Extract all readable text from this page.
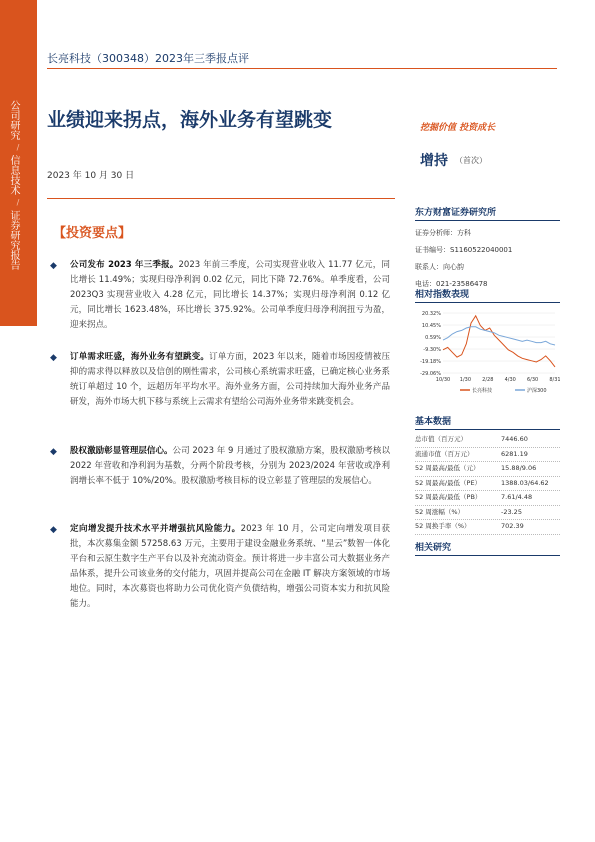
公司研究
/
信息技术
/
证券研究报告
长亮科技（300348）2023年三季报点评
业绩迎来拐点，海外业务有望跳变	挖掘价值 投资成长
2023 年 10 月 30 日
增持 （首次）
【投资要点】
◆ 公司发布 2023 年三季报。2023 年前三季度，公司实现营业收入 11.77 亿元，同比增长 11.49%；实现归母净利润 0.02 亿元，同比下降 72.76%。单季度看，公司 2023Q3 实现营业收入 4.28 亿元，同比增长 14.37%；实现归母净利润 0.12 亿元，同比增长 1623.48%，环比增长 375.92%。公司单季度归母净利润扭亏为盈，迎来拐点。
◆ 订单需求旺盛，海外业务有望跳变。订单方面，2023 年以来，随着市场因疫情被压抑的需求得以释放以及信创的刚性需求，公司核心系统需求旺盛，已确定核心业务系统订单超过 10 个，远超历年平均水平。海外业务方面，公司持续加大海外业务产品研发，海外市场大机下移与系统上云需求有望给公司海外业务带来跳变机会。
◆ 股权激励彰显管理层信心。公司 2023 年 9 月通过了股权激励方案，股权激励考核以 2022 年营收和净利润为基数，分两个阶段考核，分别为 2023/2024 年营收或净利润增长率不低于 10%/20%。股权激励考核目标的设立彰显了管理层的发展信心。
◆ 定向增发提升技术水平并增强抗风险能力。2023 年 10 月，公司定向增发项目获批，本次募集金额 57258.63 万元，主要用于建设金融业务系统、“星云”数智一体化平台和云原生数字生产平台以及补充流动资金。预计将进一步丰富公司大数据业务产品体系，提升公司该业务的交付能力，巩固并提高公司在金融 IT 解决方案领域的市场地位。同时，本次募资也将助力公司优化资产负债结构，增强公司资本实力和抗风险能力。
东方财富证券研究所
证券分析师：方科
证书编号：S1160522040001
联系人：向心韵
电话：021-23586478
相对指数表现
20.32%
10.45%
0.59%
-9.30%
-19.18%
-29.06%
10/30 1/30 2/28 4/30 6/30 8/31
长亮科技	沪深300
基本数据
总市值（百万元）	7446.60
流通市值（百万元）	6281.19
52 周最高/最低（元）	15.88/9.06
52 周最高/最低（PE）	1388.03/64.62
52 周最高/最低（PB）	7.61/4.48
52 周涨幅（%）	-23.25
52 周换手率（%）	702.39
相关研究
